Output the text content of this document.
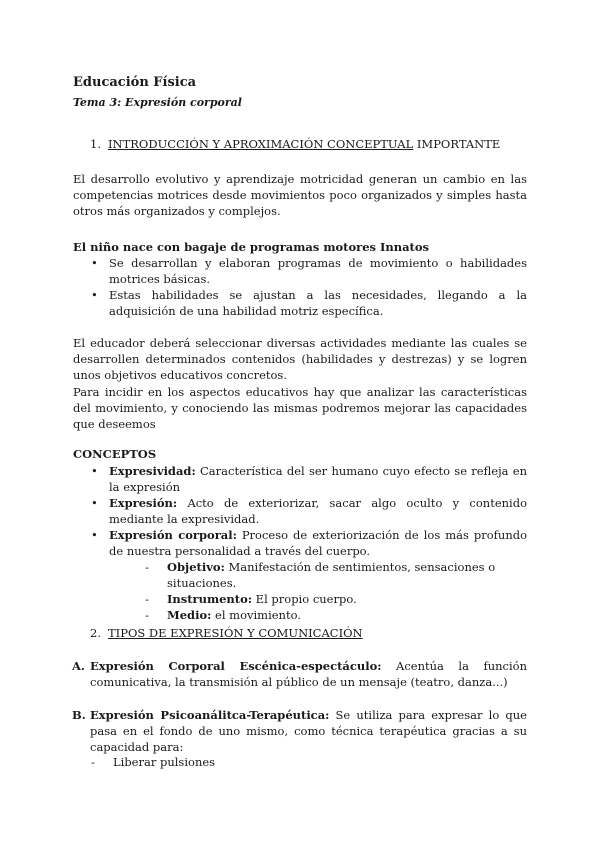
Educación Física
Tema 3: Expresión corporal
1. INTRODUCCIÓN Y APROXIMACIÓN CONCEPTUAL IMPORTANTE

El desarrollo evolutivo y aprendizaje motricidad generan un cambio en las competencias motrices desde movimientos poco organizados y simples hasta otros más organizados y complejos.

El niño nace con bagaje de programas motores Innatos
• Se desarrollan y elaboran programas de movimiento o habilidades motrices básicas.
• Estas habilidades se ajustan a las necesidades, llegando a la adquisición de una habilidad motriz específica.

El educador deberá seleccionar diversas actividades mediante las cuales se desarrollen determinados contenidos (habilidades y destrezas) y se logren unos objetivos educativos concretos.

Para incidir en los aspectos educativos hay que analizar las características del movimiento, y conociendo las mismas podremos mejorar las capacidades que deseemos

CONCEPTOS
• Expresividad: Característica del ser humano cuyo efecto se refleja en la expresión
• Expresión: Acto de exteriorizar, sacar algo oculto y contenido mediante la expresividad.
• Expresión corporal: Proceso de exteriorización de los más profundo de nuestra personalidad a través del cuerpo.
- Objetivo: Manifestación de sentimientos, sensaciones o situaciones.
- Instrumento: El propio cuerpo.
- Medio: el movimiento.
2. TIPOS DE EXPRESIÓN Y COMUNICACIÓN
A. Expresión Corporal Escénica-espectáculo: Acentúa la función
comunicativa, la transmisión al público de un mensaje (teatro, danza...)
B. Expresión Psicoanálitca-Terapéutica: Se utiliza para expresar lo que pasa en el fondo de uno mismo, como técnica terapéutica gracias a su capacidad para:
- Liberar pulsiones
